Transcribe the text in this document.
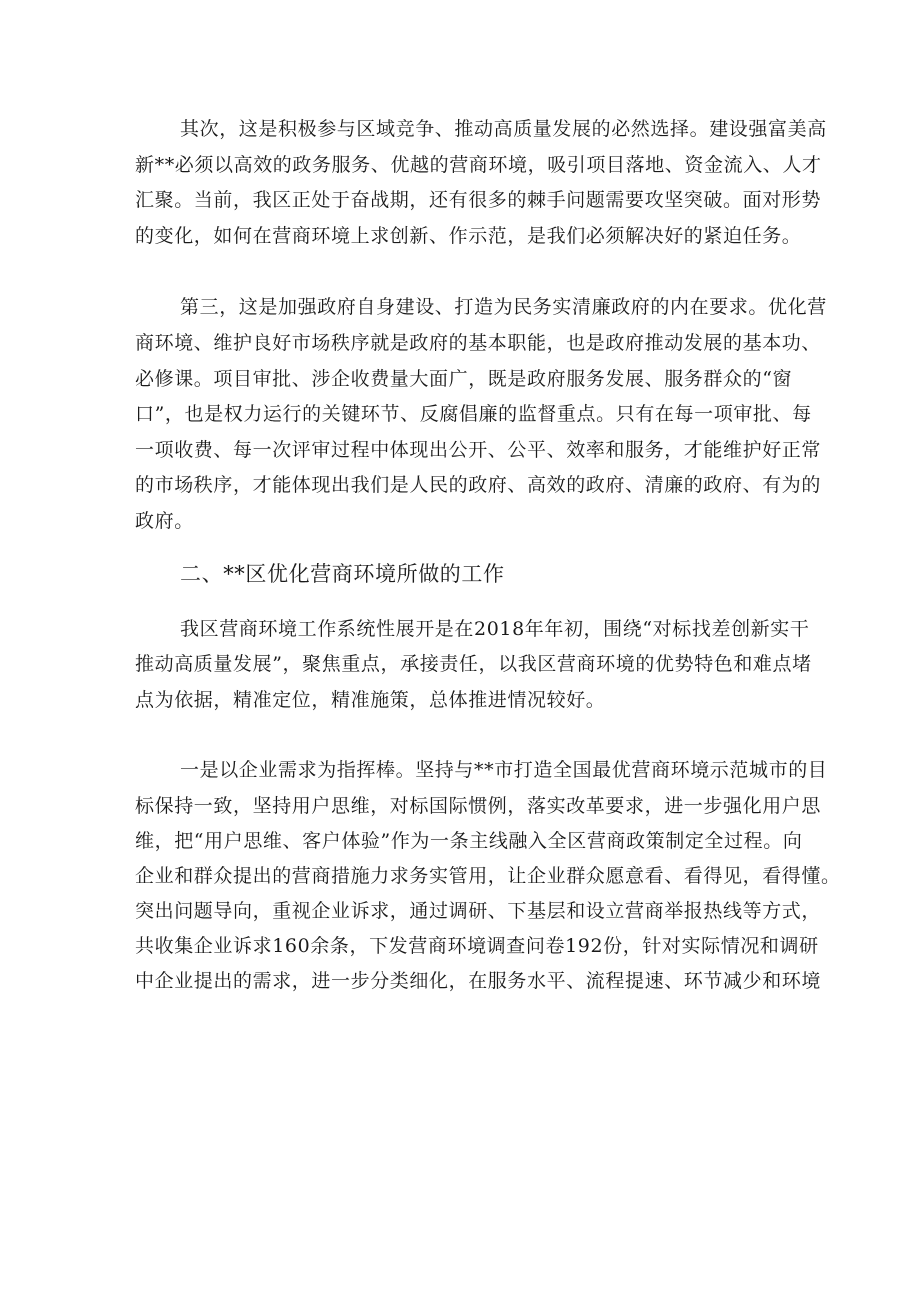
其次，这是积极参与区域竞争、推动高质量发展的必然选择。建设强富美高
新**必须以高效的政务服务、优越的营商环境，吸引项目落地、资金流入、人才
汇聚。当前，我区正处于奋战期，还有很多的棘手问题需要攻坚突破。面对形势
的变化，如何在营商环境上求创新、作示范，是我们必须解决好的紧迫任务。
第三，这是加强政府自身建设、打造为民务实清廉政府的内在要求。优化营
商环境、维护良好市场秩序就是政府的基本职能，也是政府推动发展的基本功、
必修课。项目审批、涉企收费量大面广，既是政府服务发展、服务群众的“窗
口”，也是权力运行的关键环节、反腐倡廉的监督重点。只有在每一项审批、每
一项收费、每一次评审过程中体现出公开、公平、效率和服务，才能维护好正常
的市场秩序，才能体现出我们是人民的政府、高效的政府、清廉的政府、有为的
政府。
二、**区优化营商环境所做的工作
我区营商环境工作系统性展开是在2018年年初，围绕“对标找差创新实干
推动高质量发展”，聚焦重点，承接责任，以我区营商环境的优势特色和难点堵
点为依据，精准定位，精准施策，总体推进情况较好。
一是以企业需求为指挥棒。坚持与**市打造全国最优营商环境示范城市的目
标保持一致，坚持用户思维，对标国际惯例，落实改革要求，进一步强化用户思
维，把“用户思维、客户体验”作为一条主线融入全区营商政策制定全过程。向
企业和群众提出的营商措施力求务实管用，让企业群众愿意看、看得见，看得懂。
突出问题导向，重视企业诉求，通过调研、下基层和设立营商举报热线等方式，
共收集企业诉求160余条，下发营商环境调查问卷192份，针对实际情况和调研
中企业提出的需求，进一步分类细化，在服务水平、流程提速、环节减少和环境
